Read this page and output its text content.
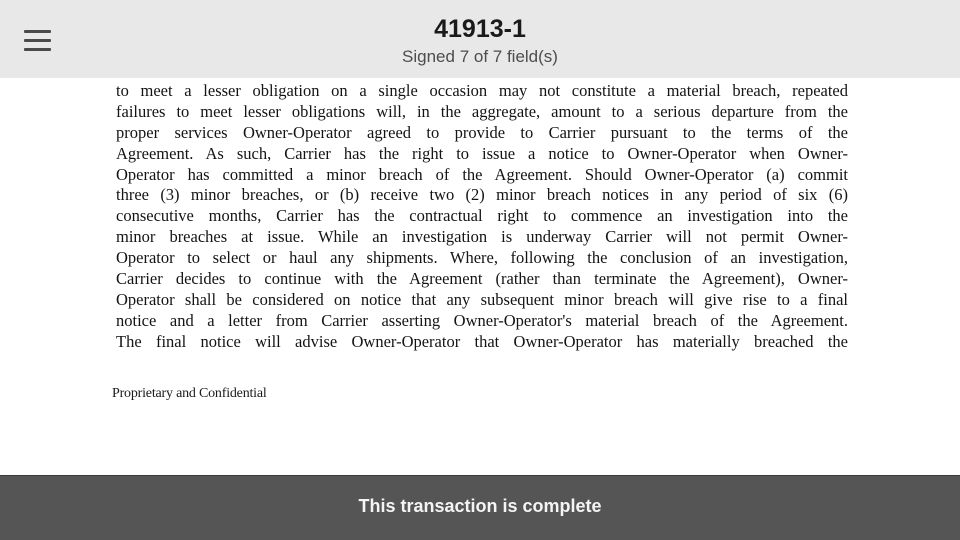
41913-1
Signed 7 of 7 field(s)
to meet a lesser obligation on a single occasion may not constitute a material breach, repeated
failures to meet lesser obligations will, in the aggregate, amount to a serious departure from the
proper services Owner-Operator agreed to provide to Carrier pursuant to the terms of the
Agreement. As such, Carrier has the right to issue a notice to Owner-Operator when Owner-
Operator has committed a minor breach of the Agreement. Should Owner-Operator (a) commit
three (3) minor breaches, or (b) receive two (2) minor breach notices in any period of six (6)
consecutive months, Carrier has the contractual right to commence an investigation into the
minor breaches at issue. While an investigation is underway Carrier will not permit Owner-
Operator to select or haul any shipments. Where, following the conclusion of an investigation,
Carrier decides to continue with the Agreement (rather than terminate the Agreement), Owner-
Operator shall be considered on notice that any subsequent minor breach will give rise to a final
notice and a letter from Carrier asserting Owner-Operator's material breach of the Agreement.
The final notice will advise Owner-Operator that Owner-Operator has materially breached the
Proprietary and Confidential
This transaction is complete
